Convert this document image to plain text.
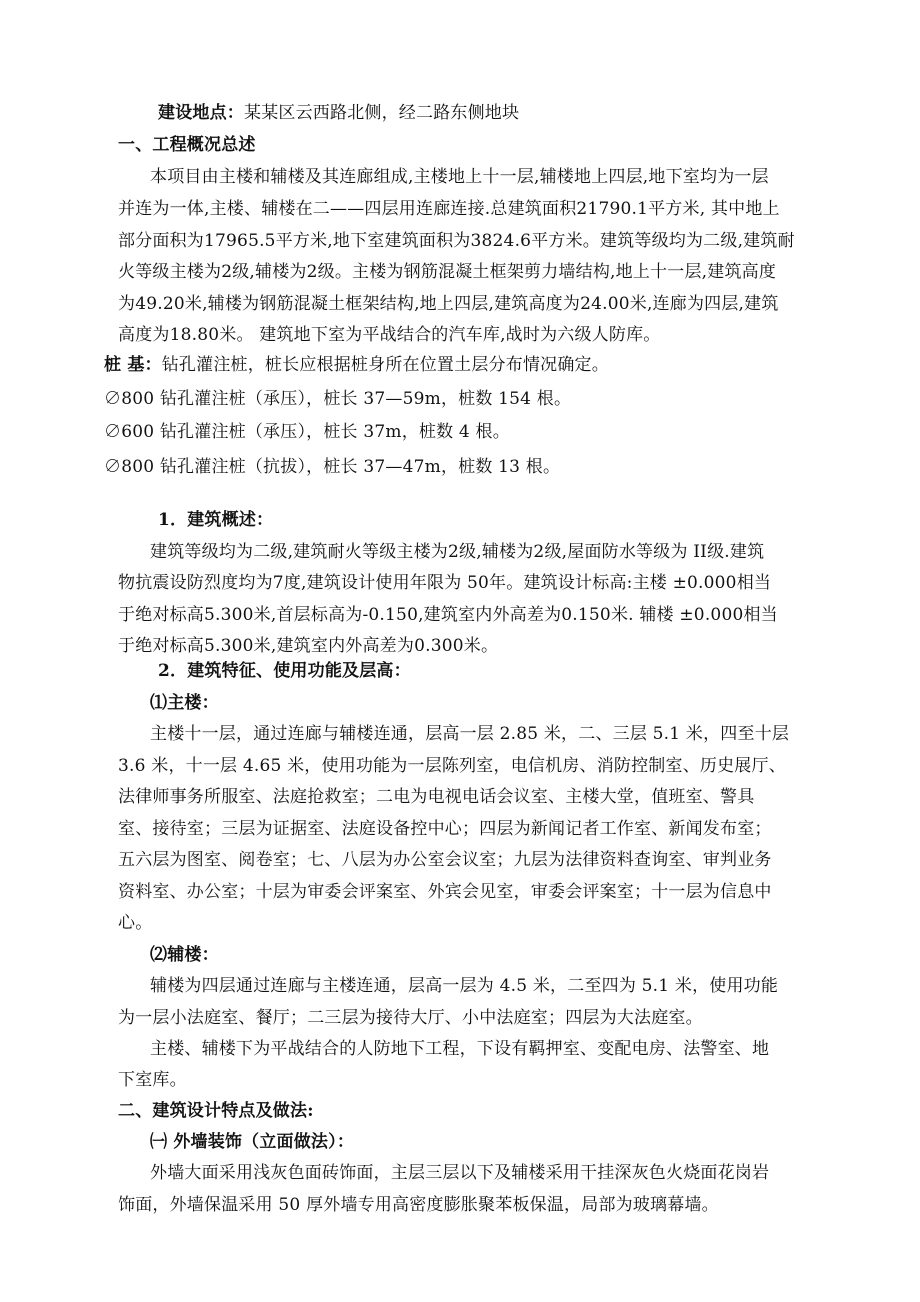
建设地点：某某区云西路北侧，经二路东侧地块
一、工程概况总述
本项目由主楼和辅楼及其连廊组成,主楼地上十一层,辅楼地上四层,地下室均为一层
并连为一体,主楼、辅楼在二——四层用连廊连接.总建筑面积21790.1平方米, 其中地上
部分面积为17965.5平方米,地下室建筑面积为3824.6平方米。建筑等级均为二级,建筑耐
火等级主楼为2级,辅楼为2级。主楼为钢筋混凝土框架剪力墙结构,地上十一层,建筑高度
为49.20米,辅楼为钢筋混凝土框架结构,地上四层,建筑高度为24.00米,连廊为四层,建筑
高度为18.80米。 建筑地下室为平战结合的汽车库,战时为六级人防库。
桩 基：钻孔灌注桩，桩长应根据桩身所在位置土层分布情况确定。
∅800 钻孔灌注桩（承压），桩长 37—59m，桩数 154 根。
∅600 钻孔灌注桩（承压），桩长 37m，桩数 4 根。
∅800 钻孔灌注桩（抗拔），桩长 37—47m，桩数 13 根。
1．建筑概述：
建筑等级均为二级,建筑耐火等级主楼为2级,辅楼为2级,屋面防水等级为 II级.建筑
物抗震设防烈度均为7度,建筑设计使用年限为 50年。建筑设计标高:主楼 ±0.000相当
于绝对标高5.300米,首层标高为-0.150,建筑室内外高差为0.150米. 辅楼 ±0.000相当
于绝对标高5.300米,建筑室内外高差为0.300米。
2．建筑特征、使用功能及层高：
⑴主楼：
主楼十一层，通过连廊与辅楼连通，层高一层 2.85 米，二、三层 5.1 米，四至十层
3.6 米，十一层 4.65 米，使用功能为一层陈列室，电信机房、消防控制室、历史展厅、
法律师事务所服室、法庭抢救室；二电为电视电话会议室、主楼大堂，值班室、警具
室、接待室；三层为证据室、法庭设备控中心；四层为新闻记者工作室、新闻发布室；
五六层为图室、阅卷室；七、八层为办公室会议室；九层为法律资料查询室、审判业务
资料室、办公室；十层为审委会评案室、外宾会见室，审委会评案室；十一层为信息中
心。
⑵辅楼：
辅楼为四层通过连廊与主楼连通，层高一层为 4.5 米，二至四为 5.1 米，使用功能
为一层小法庭室、餐厅；二三层为接待大厅、小中法庭室；四层为大法庭室。
主楼、辅楼下为平战结合的人防地下工程，下设有羁押室、变配电房、法警室、地
下室库。
二、建筑设计特点及做法:
㈠ 外墙装饰（立面做法）：
外墙大面采用浅灰色面砖饰面，主层三层以下及辅楼采用干挂深灰色火烧面花岗岩
饰面，外墙保温采用 50 厚外墙专用高密度膨胀聚苯板保温，局部为玻璃幕墙。
